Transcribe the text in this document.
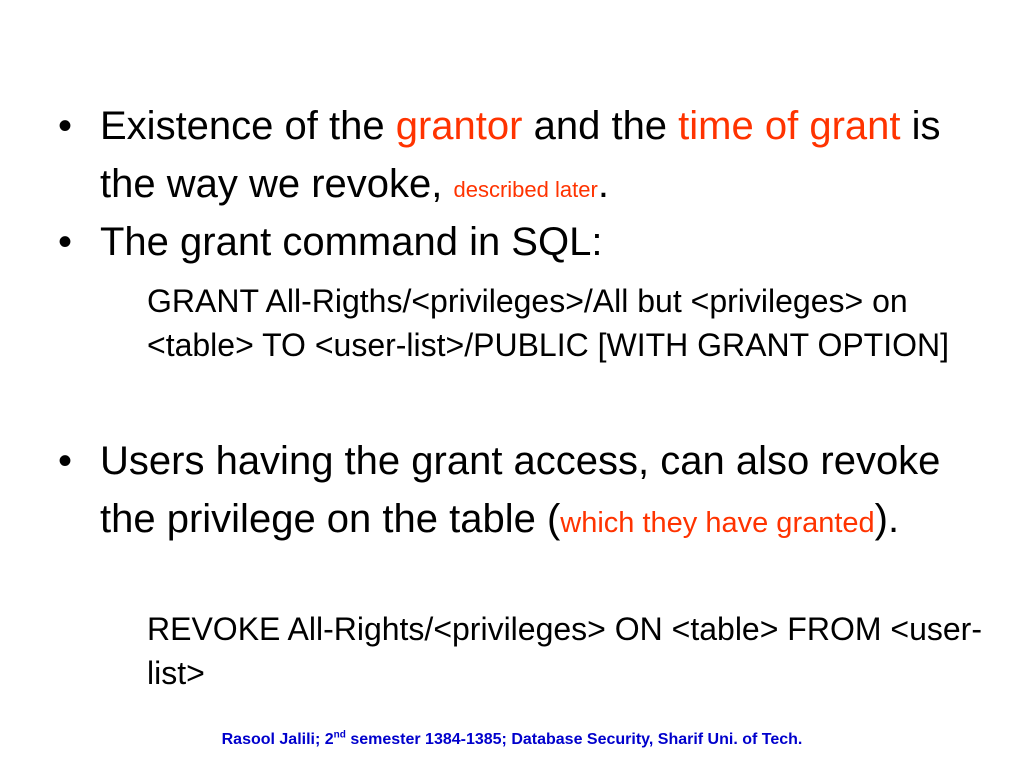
• Existence of the grantor and the time of grant is the way we revoke, described later.
• The grant command in SQL:
GRANT All-Rigths/<privileges>/All but <privileges> on <table> TO <user-list>/PUBLIC [WITH GRANT OPTION]
• Users having the grant access, can also revoke the privilege on the table (which they have granted).
REVOKE All-Rights/<privileges> ON <table> FROM <user-list>
Rasool Jalili; 2nd semester 1384-1385; Database Security, Sharif Uni. of Tech.
